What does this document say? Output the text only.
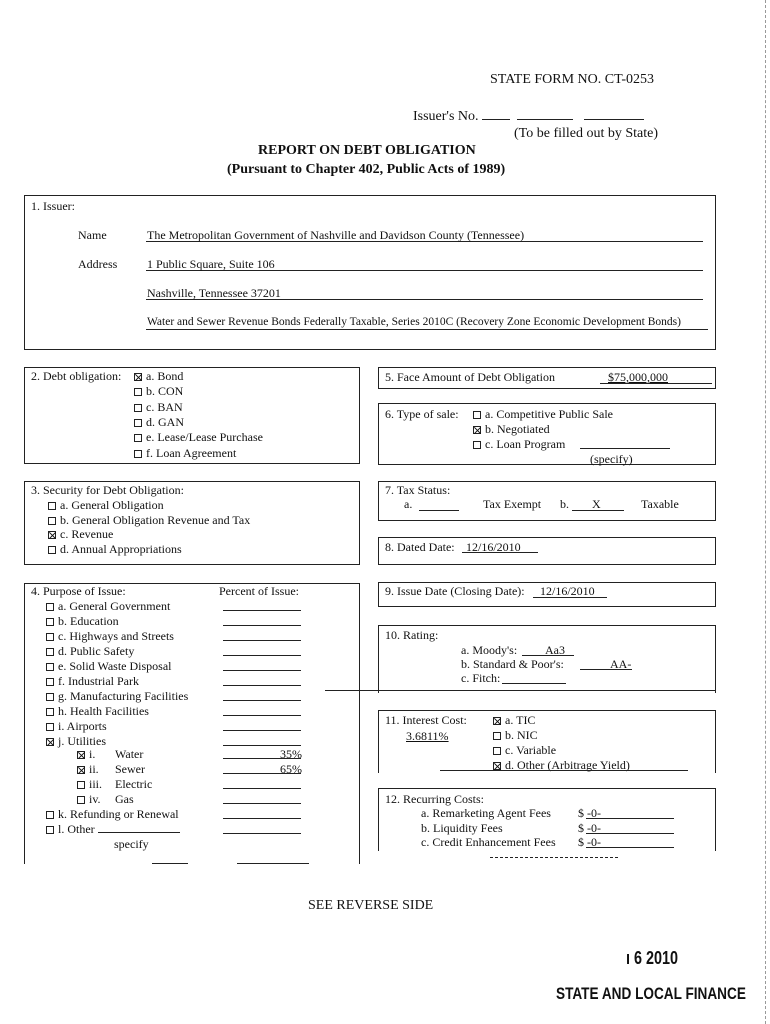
STATE FORM NO. CT-0253
Issuer's No.
(To be filled out by State)
REPORT ON DEBT OBLIGATION
(Pursuant to Chapter 402, Public Acts of 1989)
1. Issuer:
Name	The Metropolitan Government of Nashville and Davidson County (Tennessee)
Address 1 Public Square, Suite 106
Nashville, Tennessee 37201
Water and Sewer Revenue Bonds Federally Taxable, Series 2010C (Recovery Zone Economic Development Bonds)
2. Debt obligation:	a. Bond
b. CON
c. BAN
d. GAN
e. Lease/Lease Purchase
f. Loan Agreement
3. Security for Debt Obligation:
a. General Obligation
b. General Obligation Revenue and Tax
c. Revenue
d. Annual Appropriations
4. Purpose of Issue:	Percent of Issue:
a. General Government
b. Education
c. Highways and Streets
d. Public Safety
e. Solid Waste Disposal
f. Industrial Park
g. Manufacturing Facilities
h. Health Facilities
i. Airports
j. Utilities
i. Water	35%
ii. Sewer	65%
iii. Electric
iv. Gas
k. Refunding or Renewal
l. Other
specify
5. Face Amount of Debt Obligation	$75,000,000
6. Type of sale:	a. Competitive Public Sale
b. Negotiated
c. Loan Program
(specify)
7. Tax Status:
a.	Tax Exempt b. X	Taxable
8. Dated Date: 12/16/2010
9. Issue Date (Closing Date): 12/16/2010
10. Rating:
a. Moody's: Aa3
b. Standard & Poor's:	AA-
c. Fitch:
11. Interest Cost:
3.6811%
a. TIC
b. NIC
c. Variable
d. Other (Arbitrage Yield)
12. Recurring Costs:
a. Remarketing Agent Fees $ -0-
b. Liquidity Fees	$ -0-
c. Credit Enhancement Fees $ -0-
SEE REVERSE SIDE
ı 6 2010
STATE AND LOCAL FINANCE
